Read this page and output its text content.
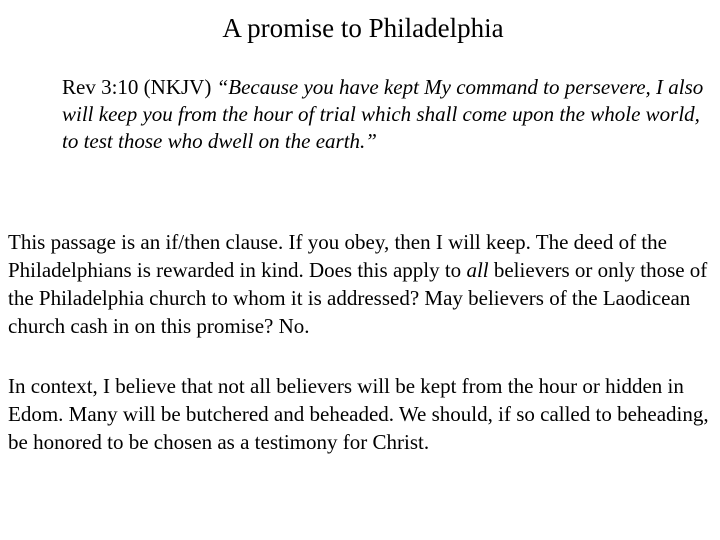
A promise to Philadelphia

Rev 3:10 (NKJV) “Because you have kept My command to persevere, I also will keep you from the hour of trial which shall come upon the whole world, to test those who dwell on the earth.”

This passage is an if/then clause. If you obey, then I will keep. The deed of the Philadelphians is rewarded in kind. Does this apply to all believers or only those of the Philadelphia church to whom it is addressed? May believers of the Laodicean church cash in on this promise? No.

In context, I believe that not all believers will be kept from the hour or hidden in Edom. Many will be butchered and beheaded. We should, if so called to beheading, be honored to be chosen as a testimony for Christ.
